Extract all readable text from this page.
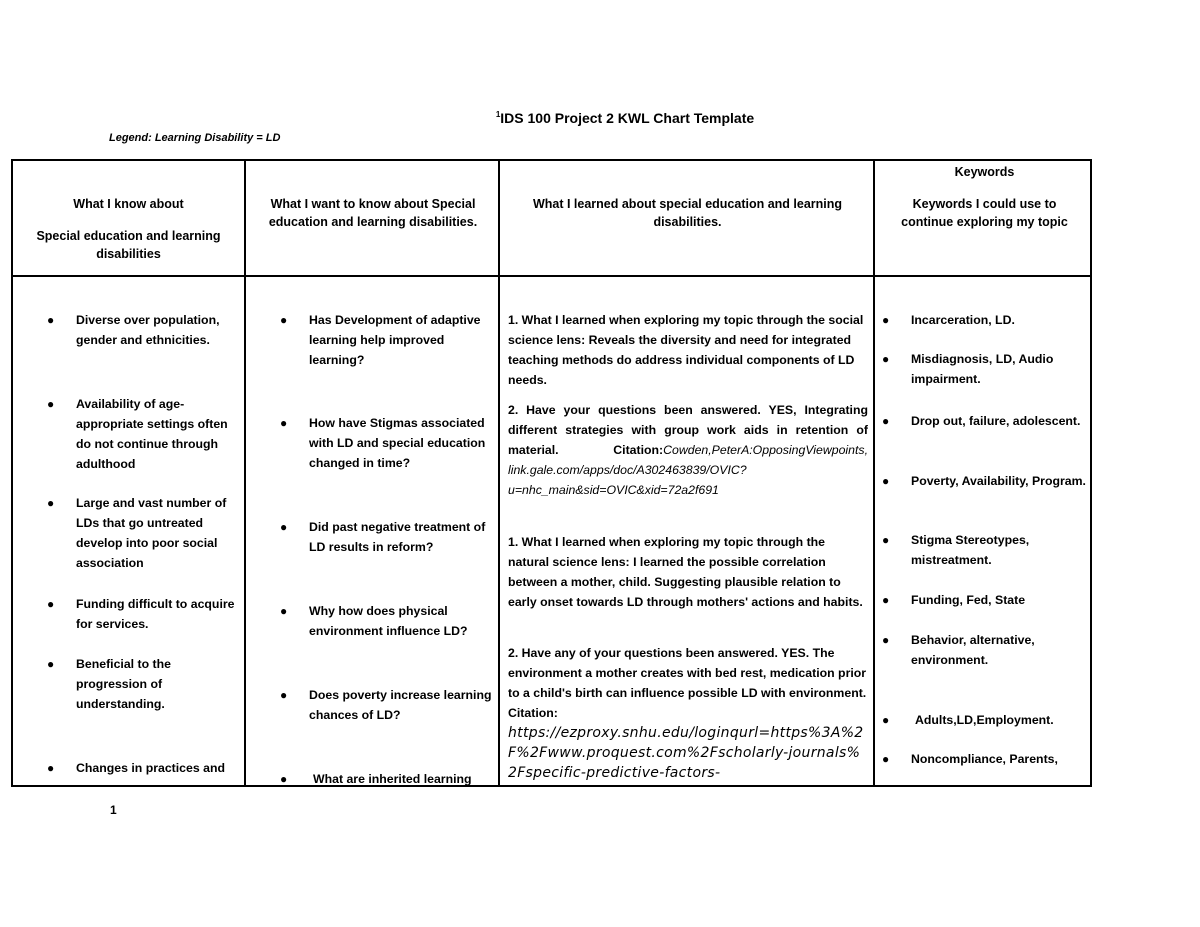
$^1$IDS 100 Project 2 KWL Chart Template
Legend: Learning Disability = LD

What I know about

Special education and learning disabilities

● Diverse over population, gender and ethnicities.
● Availability of age-appropriate settings often do not continue through adulthood
● Large and vast number of LDs that go untreated develop into poor social association
● Funding difficult to acquire for services.
● Beneficial to the progression of understanding.
● Changes in practices and

What I want to know about Special education and learning disabilities.

● Has Development of adaptive learning help improved learning?
● How have Stigmas associated with LD and special education changed in time?
● Did past negative treatment of LD results in reform?
● Why how does physical environment influence LD?
● Does poverty increase learning chances of LD?
● What are inherited learning

What I learned about special education and learning disabilities.

1. What I learned when exploring my topic through the social science lens: Reveals the diversity and need for integrated teaching methods do address individual components of LD needs.
2. Have your questions been answered. YES, Integrating different strategies with group work aids in retention of material. Citation:Cowden,PeterA:OpposingViewpoints, link.gale.com/apps/doc/A302463839/OVIC?u=nhc_main&sid=OVIC&xid=72a2f691
1. What I learned when exploring my topic through the natural science lens: I learned the possible correlation between a mother, child. Suggesting plausible relation to early onset towards LD through mothers' actions and habits.
2. Have any of your questions been answered. YES. The environment a mother creates with bed rest, medication prior to a child's birth can influence possible LD with environment. Citation:
https://ezproxy.snhu.edu/loginqurl=https%3A%2F%2Fwww.proquest.com%2Fscholarly-journals%2Fspecific-predictive-factors-

Keywords

Keywords I could use to continue exploring my topic

● Incarceration, LD.
● Misdiagnosis, LD, Audio impairment.
● Drop out, failure, adolescent.
● Poverty, Availability, Program.
● Stigma Stereotypes, mistreatment.
● Funding, Fed, State
● Behavior, alternative, environment.
● Adults,LD,Employment.
● Noncompliance, Parents,
1
